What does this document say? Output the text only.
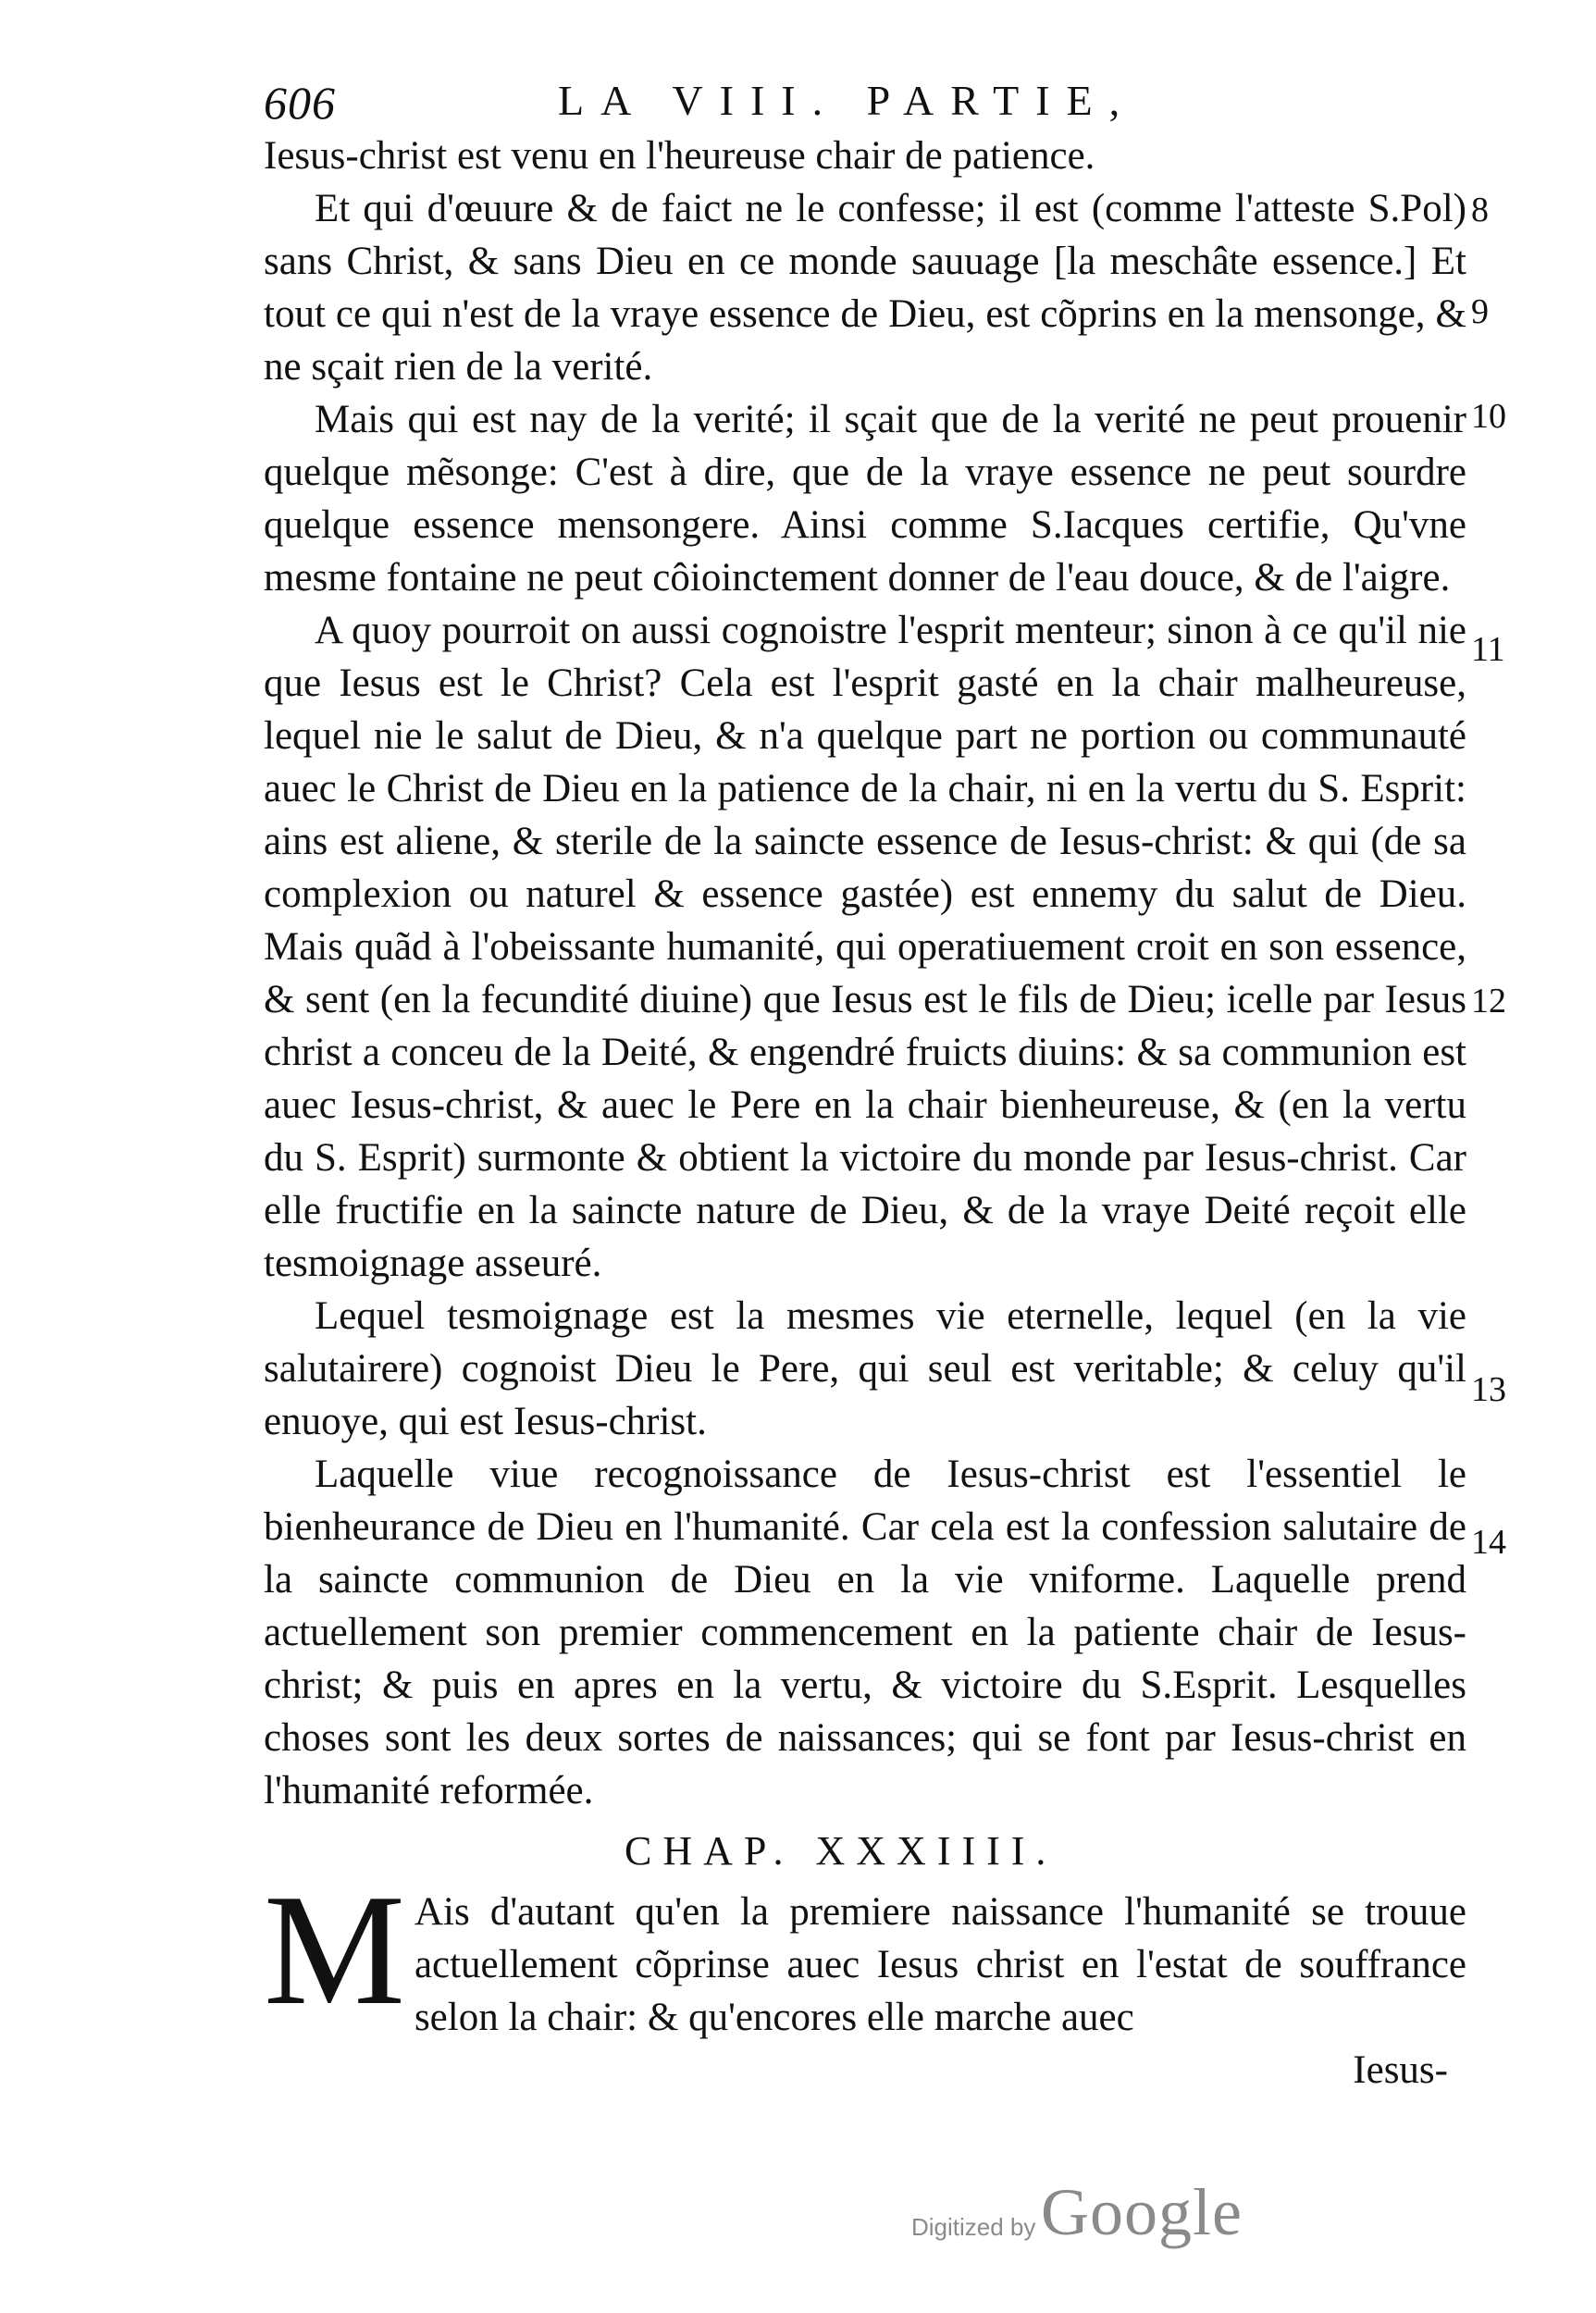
606	LA VIII. PARTIE,

Iesus-christ est venu en l'heureuse chair de patience.

Et qui d'œuure & de faict ne le confesse; il est (comme l'atteste S.Pol) sans Christ, & sans Dieu en ce monde sauuage [la meschâte essence.] Et tout ce qui n'est de la vraye essence de Dieu, est cõprins en la mensonge, & ne sçait rien de la verité.

Mais qui est nay de la verité; il sçait que de la verité ne peut prouenir quelque mẽsonge: C'est à dire, que de la vraye essence ne peut sourdre quelque essence mensongere. Ainsi comme S.Iacques certifie, Qu'vne mesme fontaine ne peut côioinctement donner de l'eau douce, & de l'aigre.

A quoy pourroit on aussi cognoistre l'esprit menteur; sinon à ce qu'il nie que Iesus est le Christ? Cela est l'esprit gasté en la chair malheureuse, lequel nie le salut de Dieu, & n'a quelque part ne portion ou communauté auec le Christ de Dieu en la patience de la chair, ni en la vertu du S. Esprit: ains est aliene, & sterile de la saincte essence de Iesus-christ: & qui (de sa complexion ou naturel & essence gastée) est ennemy du salut de Dieu. Mais quãd à l'obeissante humanité, qui operatiuement croit en son essence, & sent (en la fecundité diuine) que Iesus est le fils de Dieu; icelle par Iesus christ a conceu de la Deité, & engendré fruicts diuins: & sa communion est auec Iesus-christ, & auec le Pere en la chair bienheureuse, & (en la vertu du S. Esprit) surmonte & obtient la victoire du monde par Iesus-christ. Car elle fructifie en la saincte nature de Dieu, & de la vraye Deité reçoit elle tesmoignage asseuré.

Lequel tesmoignage est la mesmes vie eternelle, lequel (en la vie salutairere) cognoist Dieu le Pere, qui seul est veritable; & celuy qu'il enuoye, qui est Iesus-christ.

Laquelle viue recognoissance de Iesus-christ est l'essentiel le bienheurance de Dieu en l'humanité. Car cela est la confession salutaire de la saincte communion de Dieu en la vie vniforme. Laquelle prend actuellement son premier commencement en la patiente chair de Iesus-christ; & puis en apres en la vertu, & victoire du S.Esprit. Lesquelles choses sont les deux sortes de naissances; qui se font par Iesus-christ en l'humanité reformée.

CHAP. XXXIIII.

M Ais d'autant qu'en la premiere naissance l'humanité se trouue actuellement cõprinse auec Iesus christ en l'estat de souffrance selon la chair: & qu'encores elle marche auec

Iesus-

8
9
10
11
12
13
14
Digitized by Google
